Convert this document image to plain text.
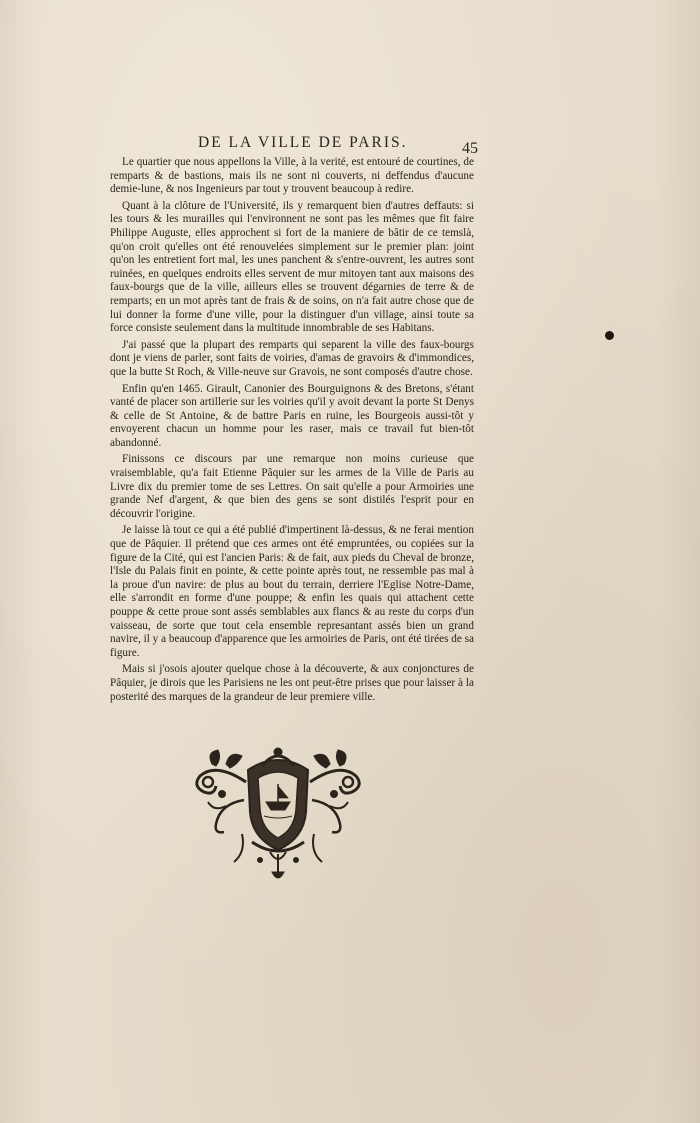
DE LA VILLE DE PARIS.	45

Le quartier que nous appellons la Ville, à la verité, est entouré de courtines, de remparts & de bastions, mais ils ne sont ni couverts, ni deffendus d'aucune demie-lune, & nos Ingenieurs par tout y trouvent beaucoup à redire.

Quant à la clôture de l'Université, ils y remarquent bien d'autres deffauts: si les tours & les murailles qui l'environnent ne sont pas les mêmes que fit faire Philippe Auguste, elles approchent si fort de la maniere de bâtir de ce temslà, qu'on croit qu'elles ont été renouvelées simplement sur le premier plan: joint qu'on les entretient fort mal, les unes panchent & s'entre-ouvrent, les autres sont ruinées, en quelques endroits elles servent de mur mitoyen tant aux maisons des faux-bourgs que de la ville, ailleurs elles se trouvent dégarnies de terre & de remparts; en un mot après tant de frais & de soins, on n'a fait autre chose que de lui donner la forme d'une ville, pour la distinguer d'un village, ainsi toute sa force consiste seulement dans la multitude innombrable de ses Habitans.

J'ai passé que la plupart des remparts qui separent la ville des faux-bourgs dont je viens de parler, sont faits de voiries, d'amas de gravoirs & d'immondices, que la butte St Roch, & Ville-neuve sur Gravois, ne sont composés d'autre chose.

Enfin qu'en 1465. Girault, Canonier des Bourguignons & des Bretons, s'étant vanté de placer son artillerie sur les voiries qu'il y avoit devant la porte St Denys & celle de St Antoine, & de battre Paris en ruine, les Bourgeois aussi-tôt y envoyerent chacun un homme pour les raser, mais ce travail fut bien-tôt abandonné.

Finissons ce discours par une remarque non moins curieuse que vraisemblable, qu'a fait Etienne Pâquier sur les armes de la Ville de Paris au Livre dix du premier tome de ses Lettres. On sait qu'elle a pour Armoiries une grande Nef d'argent, & que bien des gens se sont distilés l'esprit pour en découvrir l'origine.

Je laisse là tout ce qui a été publié d'impertinent là-dessus, & ne ferai mention que de Pâquier. Il prétend que ces armes ont été empruntées, ou copiées sur la figure de la Cité, qui est l'ancien Paris: & de fait, aux pieds du Cheval de bronze, l'Isle du Palais finit en pointe, & cette pointe après tout, ne ressemble pas mal à la proue d'un navire: de plus au bout du terrain, derriere l'Eglise Notre-Dame, elle s'arrondit en forme d'une pouppe; & enfin les quais qui attachent cette pouppe & cette proue sont assés semblables aux flancs & au reste du corps d'un vaisseau, de sorte que tout cela ensemble represantant assés bien un grand navire, il y a beaucoup d'apparence que les armoiries de Paris, ont été tirées de sa figure.

Mais si j'osois ajouter quelque chose à la découverte, & aux conjonctures de Pâquier, je dirois que les Parisiens ne les ont peut-être prises que pour laisser à la posterité des marques de la grandeur de leur premiere ville.
